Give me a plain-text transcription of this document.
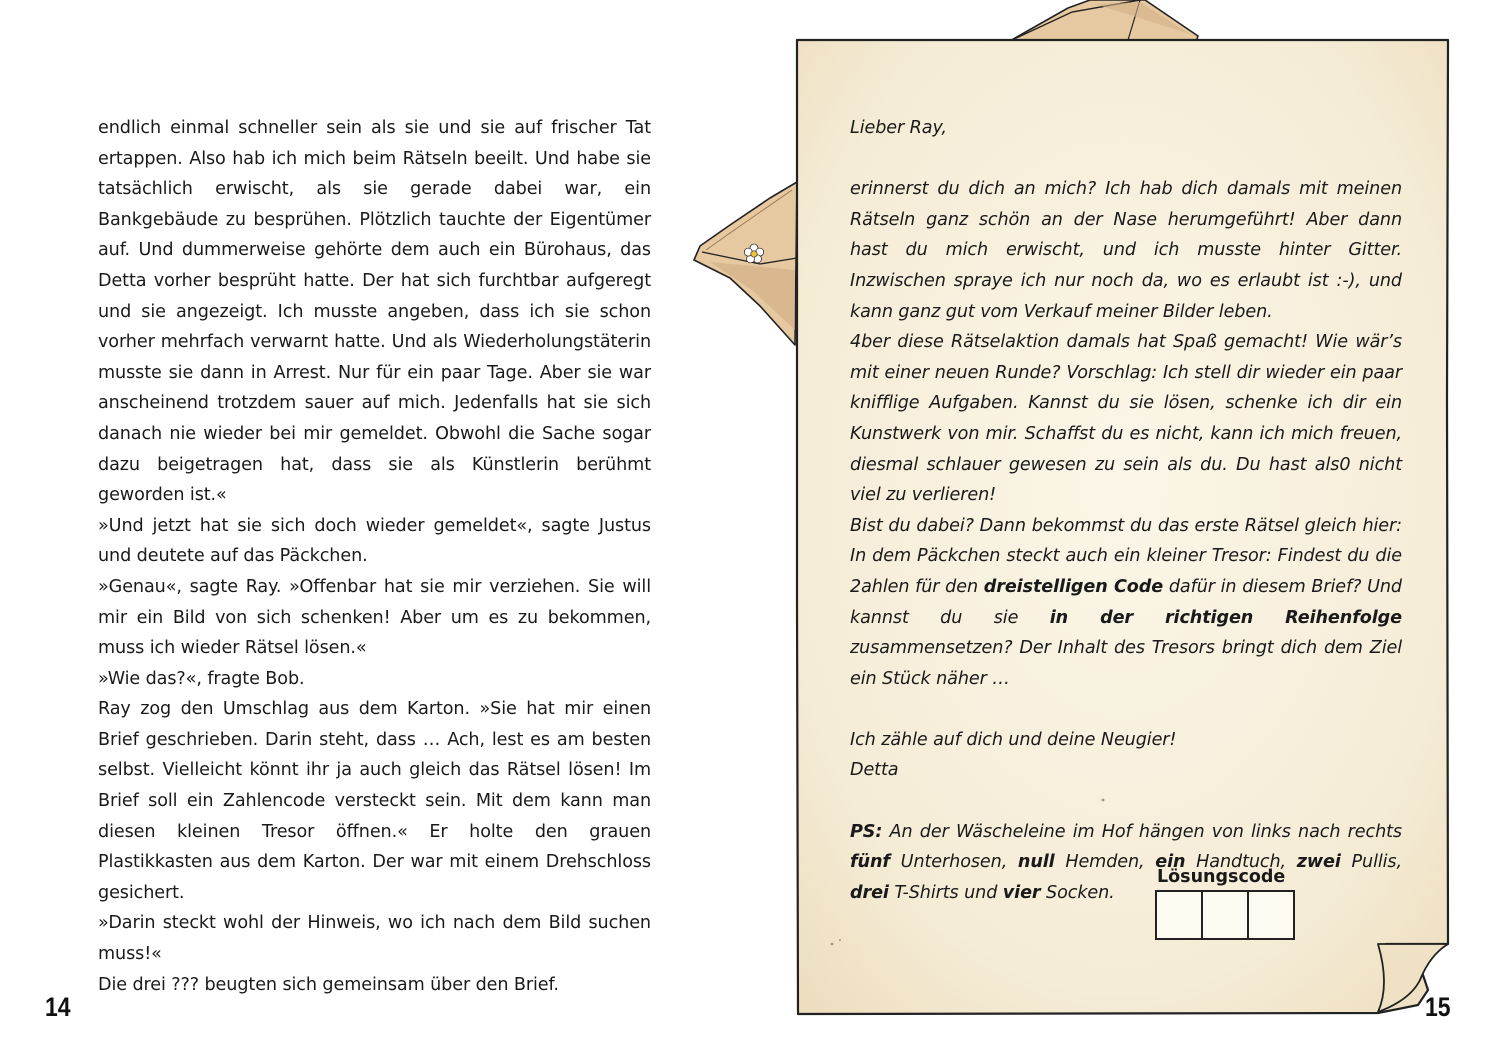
endlich einmal schneller sein als sie und sie auf frischer Tat ertappen. Also hab ich mich beim Rätseln beeilt. Und habe sie tatsächlich erwischt, als sie gerade dabei war, ein Bankgebäude zu besprühen. Plötzlich tauchte der Eigentümer auf. Und dummerweise gehörte dem auch ein Bürohaus, das Detta vorher besprüht hatte. Der hat sich furchtbar aufgeregt und sie angezeigt. Ich musste angeben, dass ich sie schon vorher mehrfach verwarnt hatte. Und als Wiederholungstäterin musste sie dann in Arrest. Nur für ein paar Tage. Aber sie war anscheinend trotzdem sauer auf mich. Jedenfalls hat sie sich danach nie wieder bei mir gemeldet. Obwohl die Sache sogar dazu beigetragen hat, dass sie als Künstlerin berühmt geworden ist.«

»Und jetzt hat sie sich doch wieder gemeldet«, sagte Justus und deutete auf das Päckchen.

»Genau«, sagte Ray. »Offenbar hat sie mir verziehen. Sie will mir ein Bild von sich schenken! Aber um es zu bekommen, muss ich wieder Rätsel lösen.«

»Wie das?«, fragte Bob.

Ray zog den Umschlag aus dem Karton. »Sie hat mir einen Brief geschrieben. Darin steht, dass … Ach, lest es am besten selbst. Vielleicht könnt ihr ja auch gleich das Rätsel lösen! Im Brief soll ein Zahlencode versteckt sein. Mit dem kann man diesen kleinen Tresor öffnen.« Er holte den grauen Plastikkasten aus dem Karton. Der war mit einem Drehschloss gesichert.

»Darin steckt wohl der Hinweis, wo ich nach dem Bild suchen muss!«

Die drei ??? beugten sich gemeinsam über den Brief.

14

Lieber Ray,

erinnerst du dich an mich? Ich hab dich damals mit meinen Rätseln ganz schön an der Nase herumgeführt! Aber dann hast du mich erwischt, und ich musste hinter Gitter. Inzwischen spraye ich nur noch da, wo es erlaubt ist :-), und kann ganz gut vom Verkauf meiner Bilder leben.

4ber diese Rätselaktion damals hat Spaß gemacht! Wie wär’s mit einer neuen Runde? Vorschlag: Ich stell dir wieder ein paar knifflige Aufgaben. Kannst du sie lösen, schenke ich dir ein Kunstwerk von mir. Schaffst du es nicht, kann ich mich freuen, diesmal schlauer gewesen zu sein als du. Du hast als0 nicht viel zu verlieren!

Bist du dabei? Dann bekommst du das erste Rätsel gleich hier: In dem Päckchen steckt auch ein kleiner Tresor: Findest du die 2ahlen für den dreistelligen Code dafür in diesem Brief? Und kannst du sie in der richtigen Reihenfolge zusammensetzen? Der Inhalt des Tresors bringt dich dem Ziel ein Stück näher …

Ich zähle auf dich und deine Neugier!

Detta

PS: An der Wäscheleine im Hof hängen von links nach rechts fünf Unterhosen, null Hemden, ein Handtuch, zwei Pullis, drei T-Shirts und vier Socken.

Lösungscode
15
